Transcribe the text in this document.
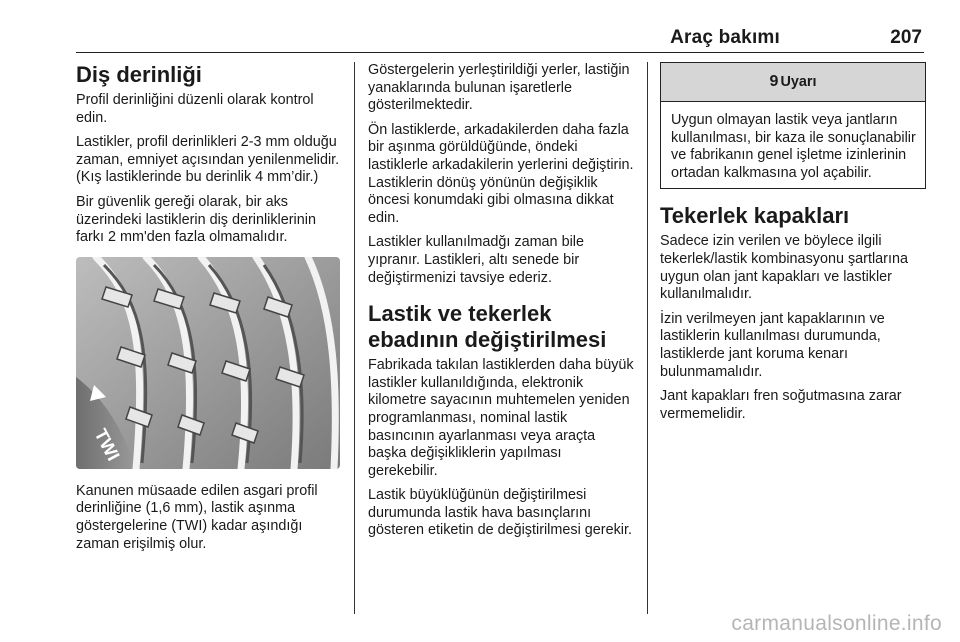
Araç bakımı	207
Diş derinliği

Profil derinliğini düzenli olarak kontrol edin.

Lastikler, profil derinlikleri 2-3 mm olduğu zaman, emniyet açısından yenilenmelidir. (Kış lastiklerinde bu derinlik 4 mm’dir.)

Bir güvenlik gereği olarak, bir aks üzerindeki lastiklerin diş derinliklerinin farkı 2 mm'den fazla olmamalıdır.

TWI

Kanunen müsaade edilen asgari profil derinliğine (1,6 mm), lastik aşınma göstergelerine (TWI) kadar aşındığı zaman erişilmiş olur.

Göstergelerin yerleştirildiği yerler, lastiğin yanaklarında bulunan işaretlerle gösterilmektedir.

Ön lastiklerde, arkadakilerden daha fazla bir aşınma görüldüğünde, öndeki lastiklerle arkadakilerin yerlerini değiştirin. Lastiklerin dönüş yönünün değişiklik öncesi konumdaki gibi olmasına dikkat edin.

Lastikler kullanılmadğı zaman bile yıpranır. Lastikleri, altı senede bir değiştirmenizi tavsiye ederiz.

Lastik ve tekerlek ebadının değiştirilmesi

Fabrikada takılan lastiklerden daha büyük lastikler kullanıldığında, elektronik kilometre sayacının muhtemelen yeniden programlanması, nominal lastik basıncının ayarlanması veya araçta başka değişikliklerin yapılması gerekebilir.

Lastik büyüklüğünün değiştirilmesi durumunda lastik hava basınçlarını gösteren etiketin de değiştirilmesi gerekir.

9 Uyarı

Uygun olmayan lastik veya jantların kullanılması, bir kaza ile sonuçlanabilir ve fabrikanın genel işletme izinlerinin ortadan kalkmasına yol açabilir.

Tekerlek kapakları

Sadece izin verilen ve böylece ilgili tekerlek/lastik kombinasyonu şartlarına uygun olan jant kapakları ve lastikler kullanılmalıdır.

İzin verilmeyen jant kapaklarının ve lastiklerin kullanılması durumunda, lastiklerde jant koruma kenarı bulunmamalıdır.

Jant kapakları fren soğutmasına zarar vermemelidir.

carmanualsonline.info
